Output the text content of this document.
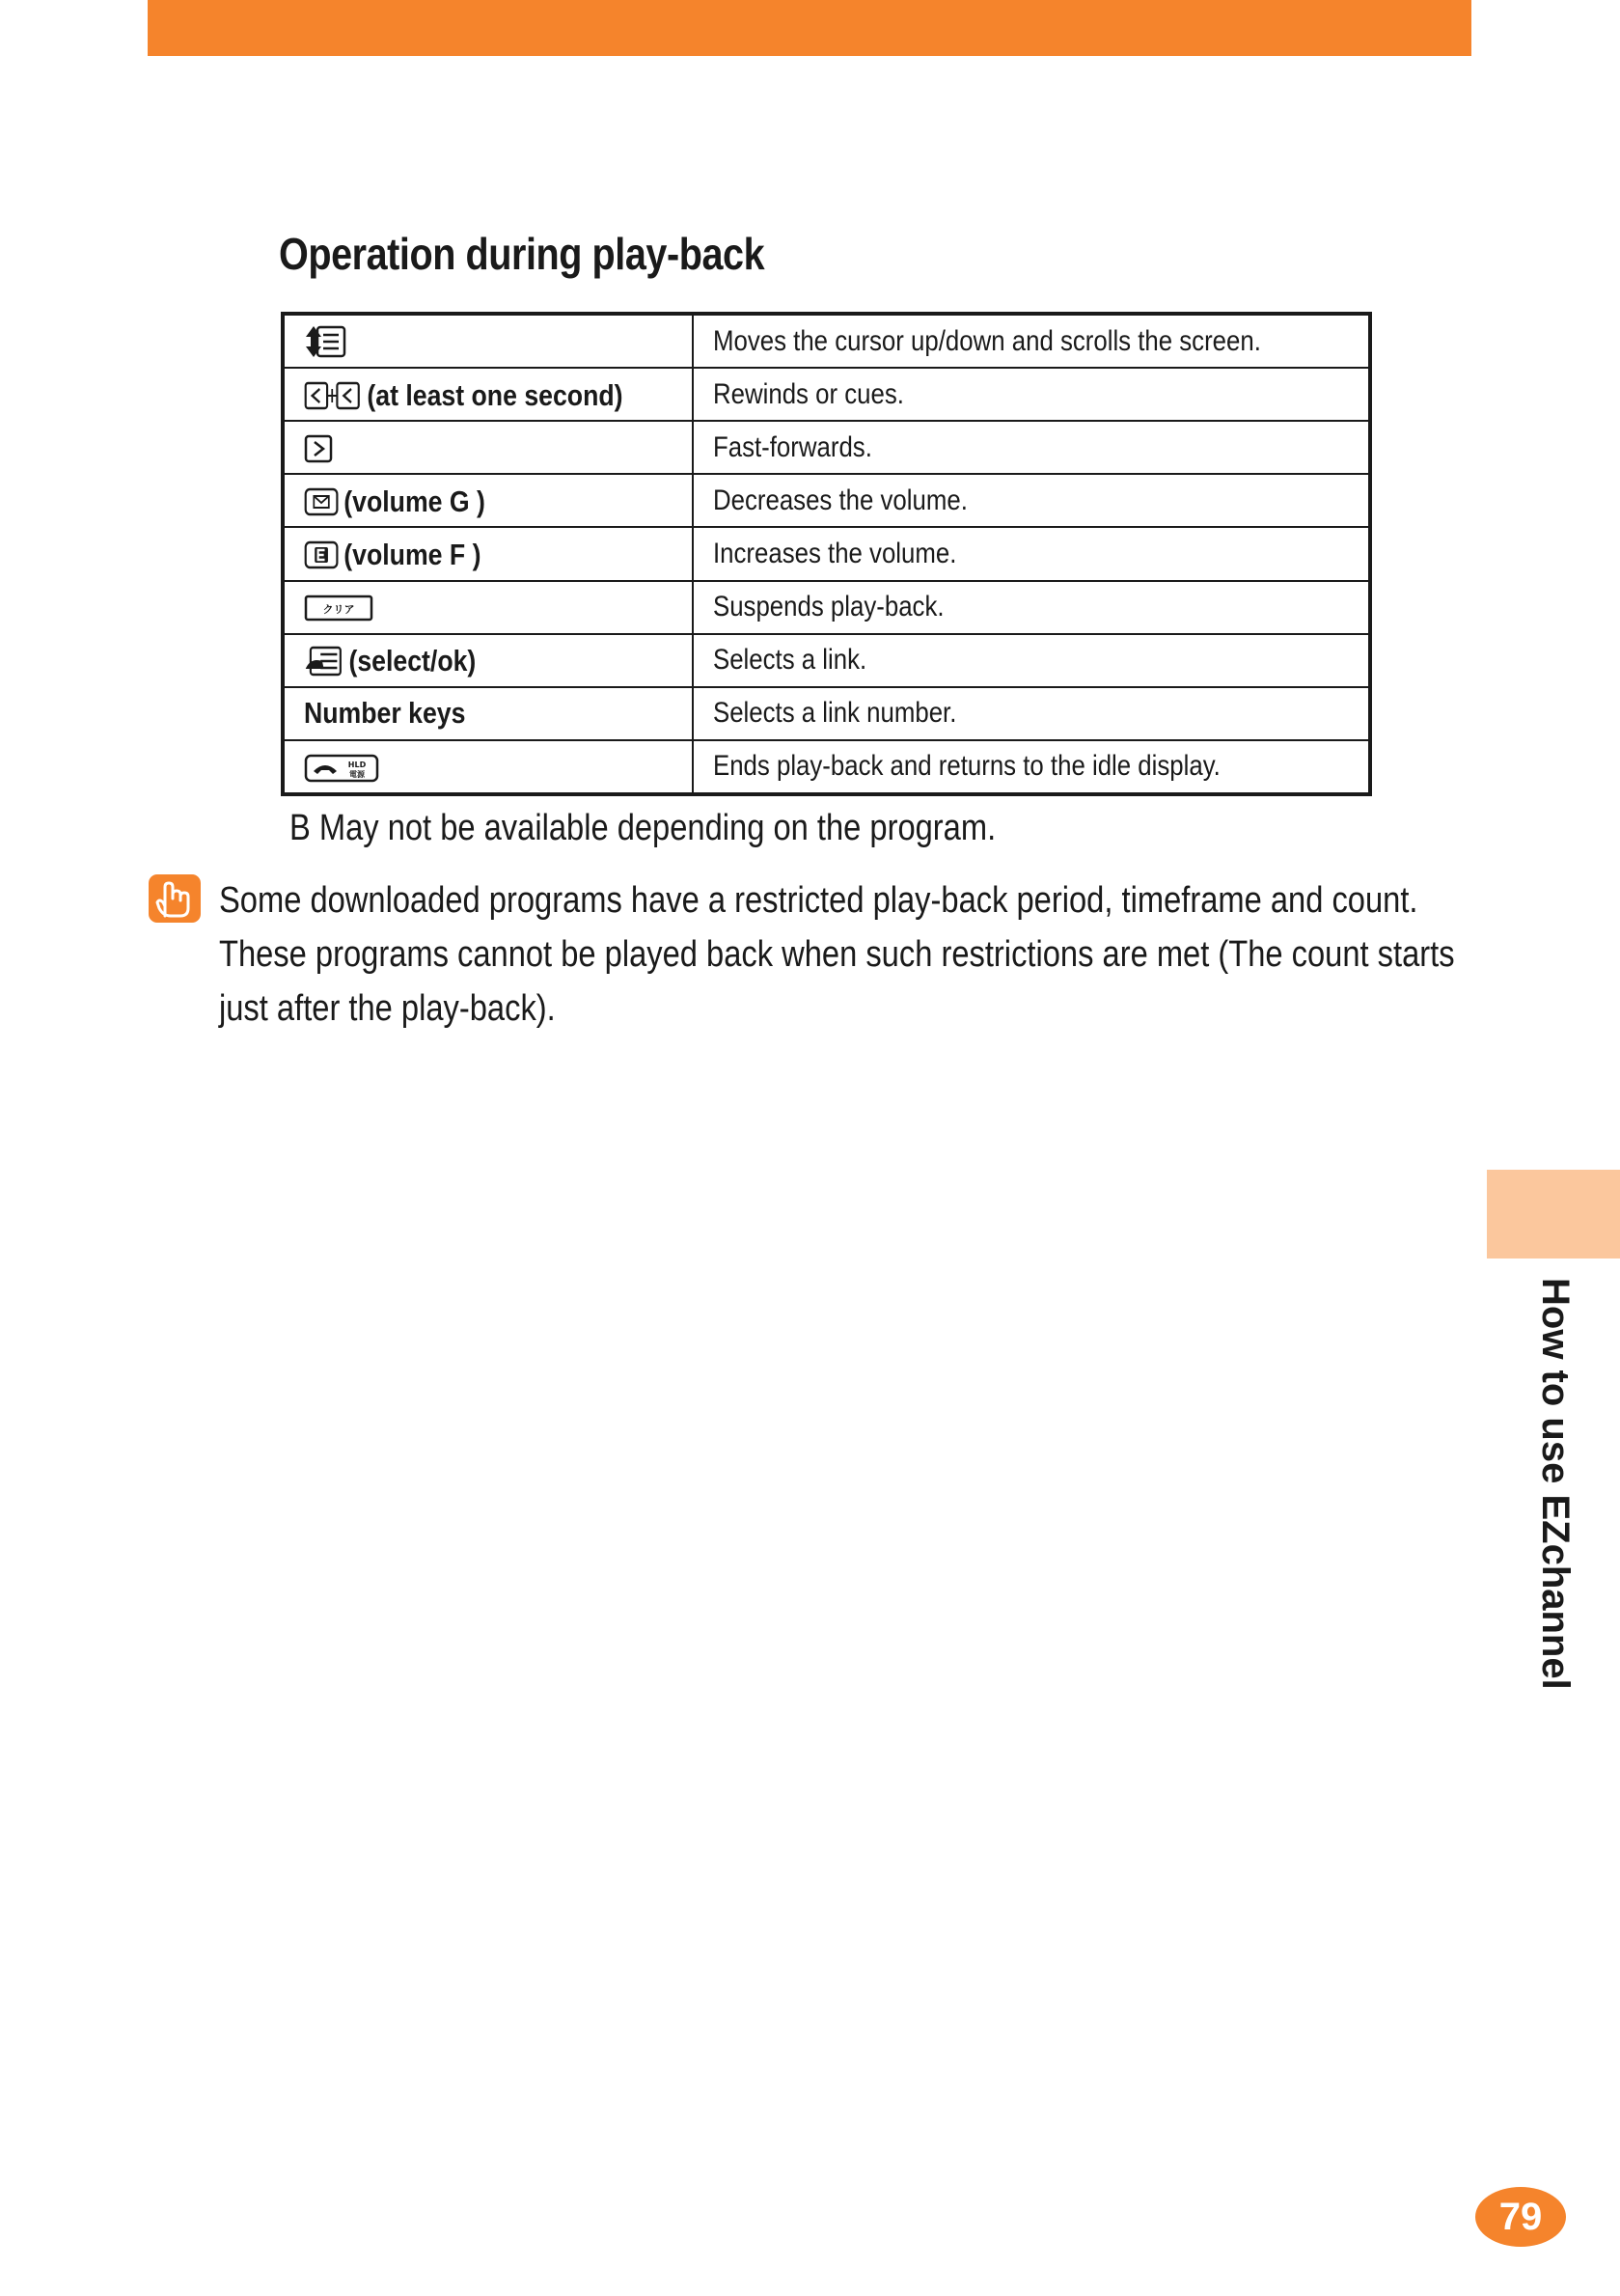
Operation during play-back
	Moves the cursor up/down and scrolls the screen.
(at least one second)	Rewinds or cues.
	Fast-forwards.
(volume G )	Decreases the volume.
(volume F )	Increases the volume.

クリア	Suspends play-back.
(select/ok)	Selects a link.
Number keys	Selects a link number.

HLD
電源	Ends play-back and returns to the idle display.
B May not be available depending on the program.

Some downloaded programs have a restricted play-back period, timeframe and count. These programs cannot be played back when such restrictions are met (The count starts just after the play-back).

How to use EZchannel
79
